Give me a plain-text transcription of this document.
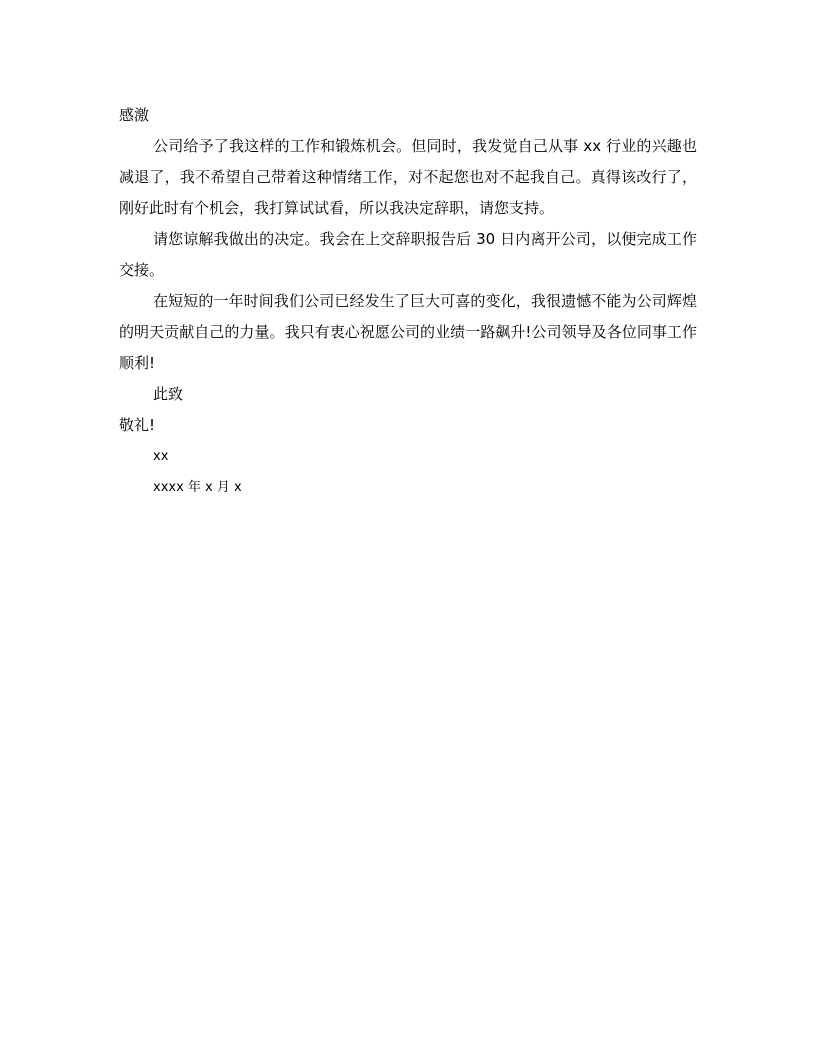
感激

公司给予了我这样的工作和锻炼机会。但同时，我发觉自己从事 xx 行业的兴趣也减退了，我不希望自己带着这种情绪工作，对不起您也对不起我自己。真得该改行了，刚好此时有个机会，我打算试试看，所以我决定辞职，请您支持。

请您谅解我做出的决定。我会在上交辞职报告后 30 日内离开公司，以便完成工作交接。

在短短的一年时间我们公司已经发生了巨大可喜的变化，我很遗憾不能为公司辉煌的明天贡献自己的力量。我只有衷心祝愿公司的业绩一路飙升!公司领导及各位同事工作顺利!

此致
敬礼!
xx
xxxx 年 x 月 x
